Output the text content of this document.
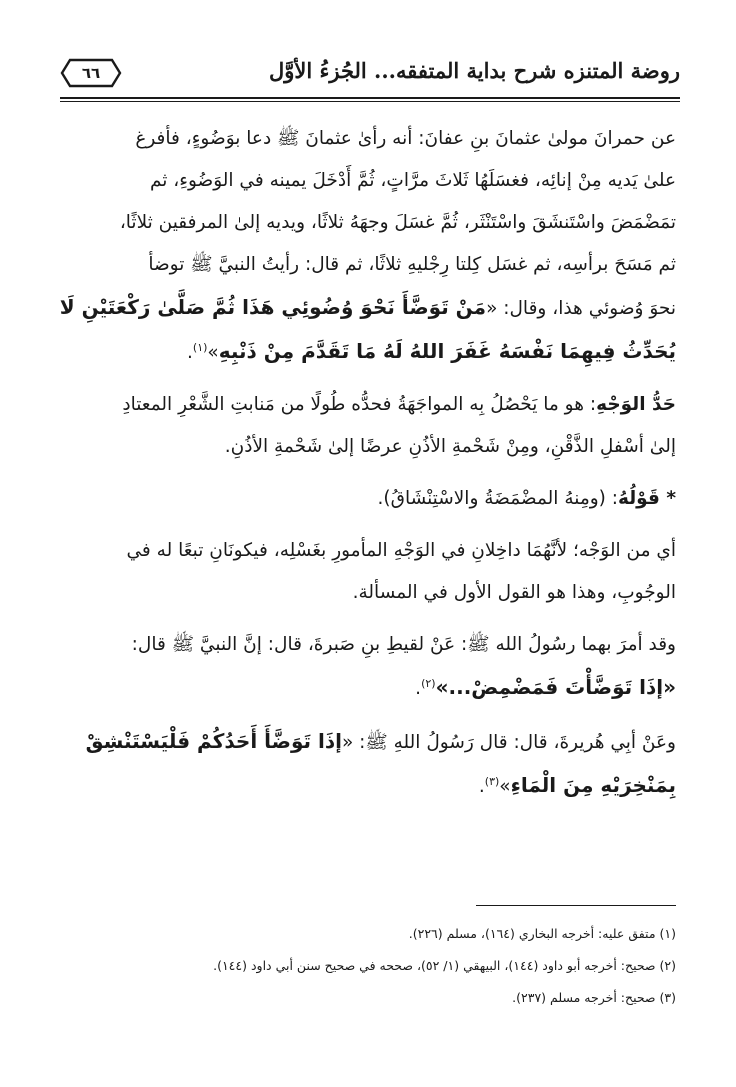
روضة المتنزه شرح بداية المتفقه... الجُزءُ الأوَّل
٦٦

عن حمرانَ مولىٰ عثمانَ بنِ عفانَ: أنه رأىٰ عثمانَ ﷺ دعا بوَضُوءٍ، فأفرغ

علىٰ يَديه مِنْ إنائِه، فغسَلَهُا ثَلاثَ مرَّاتٍ، ثُمَّ أَدْخَلَ يمينه في الوَضُوءِ، ثم

تمَضْمَضَ واسْتَنشَقَ واسْتَنْثَر، ثُمَّ غسَلَ وجهَهُ ثلاثًا، ويديه إلىٰ المرفقين ثلاثًا،

ثم مَسَحَ برأسِه، ثم غسَل كِلتا رِجْليهِ ثلاثًا، ثم قال: رأيتُ النبيَّ ﷺ توضأ

نحوَ وُضوئي هذا، وقال: «مَنْ تَوَضَّأَ نَحْوَ وُضُوئِي هَذَا ثُمَّ صَلَّىٰ رَكْعَتَيْنِ لَا

يُحَدِّثُ فِيهِمَا نَفْسَهُ غَفَرَ اللهُ لَهُ مَا تَقَدَّمَ مِنْ ذَنْبِهِ»$^{(١)}$.

حَدُّ الوَجْهِ: هو ما يَحْصُلُ بِه المواجَهَةُ فحدُّه طُولًا من مَنابتِ الشَّعْرِ المعتادِ

إلىٰ أسْفلِ الذَّقْنِ، ومِنْ شَحْمةِ الأذُنِ عرضًا إلىٰ شَحْمةِ الأذُنِ.

* قَوْلُهُ: (ومِنهُ المضْمَضَةُ والاسْتِنْشَاقُ).

أي من الوَجْه؛ لأنَّهُمَا داخِلانِ في الوَجْهِ المأمورِ بغَسْلِه، فيكونَانِ تبعًا له في

الوجُوبِ، وهذا هو القول الأول في المسألة.

وقد أمرَ بهما رسُولُ الله ﷺ: عَنْ لقيطِ بنِ صَبرةَ، قال: إنَّ النبيَّ ﷺ قال:

«إذَا تَوَضَّأْتَ فَمَضْمِضْ...»$^{(٢)}$.

وعَنْ أبِي هُريرةَ، قال: قال رَسُولُ اللهِ ﷺ: «إذَا تَوَضَّأَ أَحَدُكُمْ فَلْيَسْتَنْشِقْ

بِمَنْخِرَيْهِ مِنَ الْمَاءِ»$^{(٣)}$.

(١) متفق عليه: أخرجه البخاري (١٦٤)، مسلم (٢٢٦).
(٢) صحيح: أخرجه أبو داود (١٤٤)، البيهقي (١/ ٥٢)، صححه في صحيح سنن أبي داود (١٤٤).
(٣) صحيح: أخرجه مسلم (٢٣٧).
